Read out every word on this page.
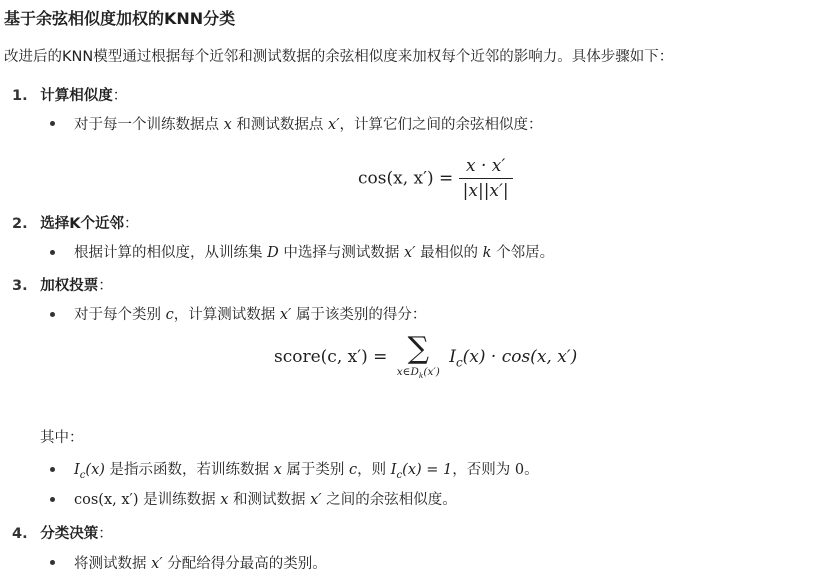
基于余弦相似度加权的KNN分类
改进后的KNN模型通过根据每个近邻和测试数据的余弦相似度来加权每个近邻的影响力。具体步骤如下：
1. 计算相似度：
对于每一个训练数据点 x 和测试数据点 x′，计算它们之间的余弦相似度：
cos(x, $x') = \frac{x \cdot x'}{|x||x'|}$
2. 选择K个近邻：
根据计算的相似度，从训练集 D 中选择与测试数据 x′ 最相似的 k 个邻居。
3. 加权投票：
对于每个类别 c，计算测试数据 x′ 属于该类别的得分：
score(c, x′) = ∑
$x\in D_k(x')$
$I_c(x) \cdot \cos(x$, x′)
其中：
$I_c(x)$ 是指示函数，若训练数据 x 属于类别 c，则 $I_c(x) = 1$，否则为 0。
cos(x, x′) 是训练数据 x 和测试数据 x′ 之间的余弦相似度。
4. 分类决策：
将测试数据 x′ 分配给得分最高的类别。
